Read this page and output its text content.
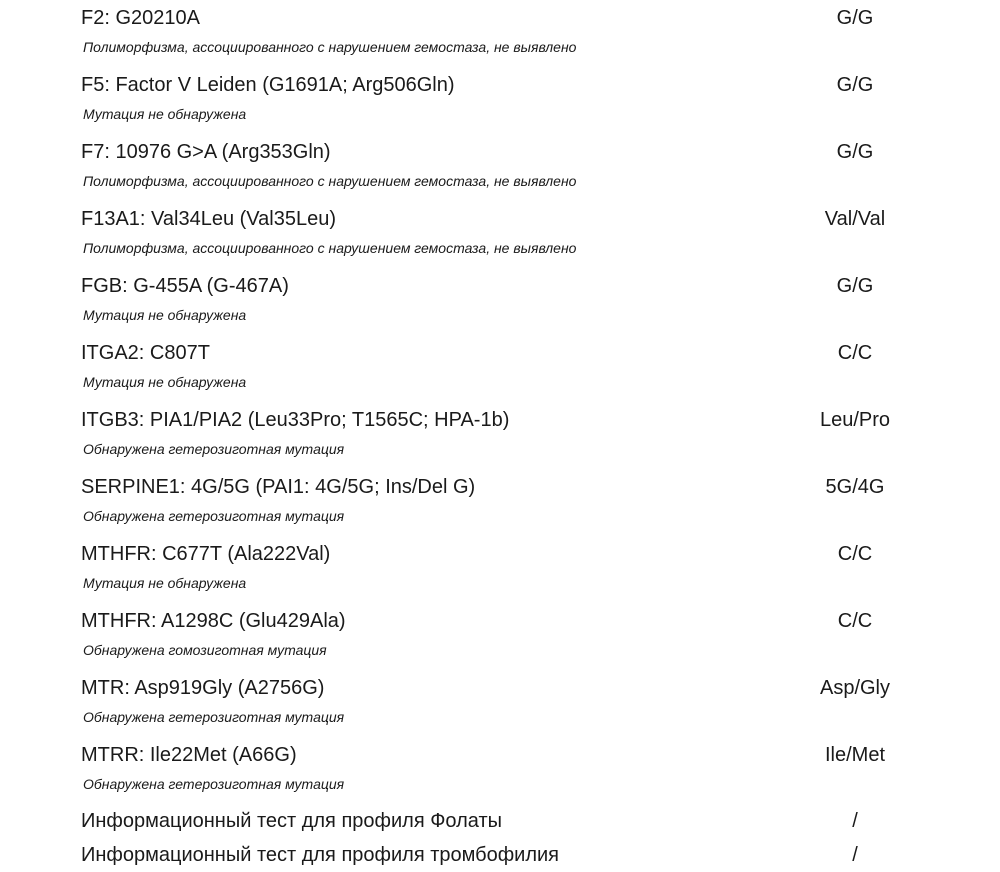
F2: G20210A	G/G
Полиморфизма, ассоциированного с нарушением гемостаза, не выявлено
F5: Factor V Leiden (G1691A; Arg506Gln)	G/G
Мутация не обнаружена
F7: 10976 G>A (Arg353Gln)	G/G
Полиморфизма, ассоциированного с нарушением гемостаза, не выявлено
F13A1: Val34Leu (Val35Leu)	Val/Val
Полиморфизма, ассоциированного с нарушением гемостаза, не выявлено
FGB: G-455A (G-467A)	G/G
Мутация не обнаружена
ITGA2: C807T	C/C
Мутация не обнаружена
ITGB3: PIA1/PIA2 (Leu33Pro; T1565C; HPA-1b)	Leu/Pro
Обнаружена гетерозиготная мутация
SERPINE1: 4G/5G (PAI1: 4G/5G; Ins/Del G)	5G/4G
Обнаружена гетерозиготная мутация
MTHFR: C677T (Ala222Val)	C/C
Мутация не обнаружена
MTHFR: A1298C (Glu429Ala)	C/C
Обнаружена гомозиготная мутация
MTR: Asp919Gly (A2756G)	Asp/Gly
Обнаружена гетерозиготная мутация
MTRR: Ile22Met (A66G)	Ile/Met
Обнаружена гетерозиготная мутация
Информационный тест для профиля Фолаты	/
Информационный тест для профиля тромбофилия	/
